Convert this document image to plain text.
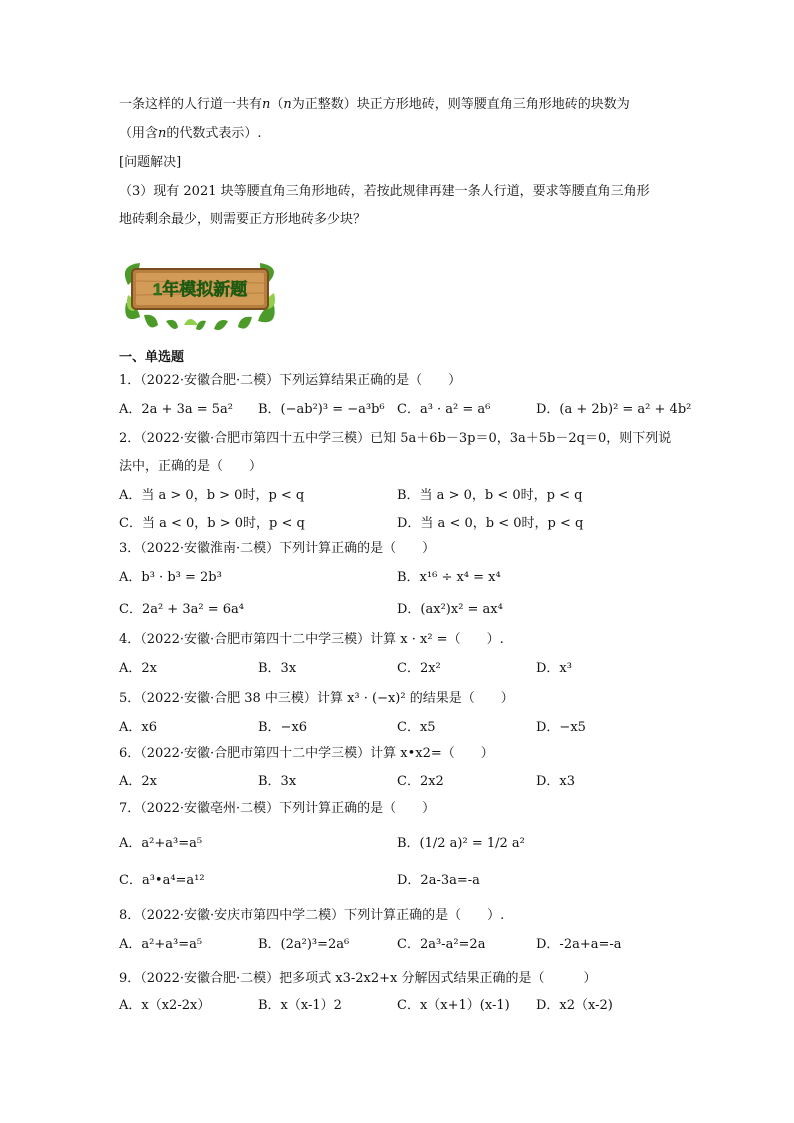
一条这样的人行道一共有n（n为正整数）块正方形地砖，则等腰直角三角形地砖的块数为
（用含n的代数式表示）.
[问题解决]
（3）现有 2021 块等腰直角三角形地砖，若按此规律再建一条人行道，要求等腰直角三角形
地砖剩余最少，则需要正方形地砖多少块？
1年模拟新题
一、单选题
1．（2022·安徽合肥·二模）下列运算结果正确的是（　　）
A．2a + 3a = 5a² B．(−ab²)³ = −a³b⁶ C．a³ · a² = a⁶	D．(a + 2b)² = a² + 4b²
2．（2022·安徽·合肥市第四十五中学三模）已知 5a＋6b－3p＝0，3a＋5b－2q＝0，则下列说
法中，正确的是（　　）
A．当 a > 0，b > 0时，p < q	B．当 a > 0，b < 0时，p < q
C．当 a < 0，b > 0时，p < q	D．当 a < 0，b < 0时，p < q
3．（2022·安徽淮南·二模）下列计算正确的是（　　）
A．b³ · b³ = 2b³	B．x¹⁶ ÷ x⁴ = x⁴
C．2a² + 3a² = 6a⁴	D．(ax²)x² = ax⁴
4．（2022·安徽·合肥市第四十二中学三模）计算 x · x² =（　　）.
A．2x	B．3x	C．2x²	D．x³
5．（2022·安徽·合肥 38 中三模）计算 x³ · (−x)² 的结果是（　　）
A．x6	B．−x6	C．x5	D．−x5
6．（2022·安徽·合肥市第四十二中学三模）计算 x•x2=（　　）
A．2x	B．3x	C．2x2	D．x3
7．（2022·安徽亳州·二模）下列计算正确的是（　　）
A．a²+a³=a⁵	B．(1/2 a)² = 1/2 a²
C．a³•a⁴=a¹²	D．2a-3a=-a
8．（2022·安徽·安庆市第四中学二模）下列计算正确的是（　　）.
A．a²+a³=a⁵	B．(2a²)³=2a⁶	C．2a³-a²=2a	D．-2a+a=-a
9．（2022·安徽合肥·二模）把多项式 x3-2x2+x 分解因式结果正确的是（　　　）
A．x（x2-2x）	B．x（x-1）2	C．x（x+1）(x-1) D．x2（x-2)
